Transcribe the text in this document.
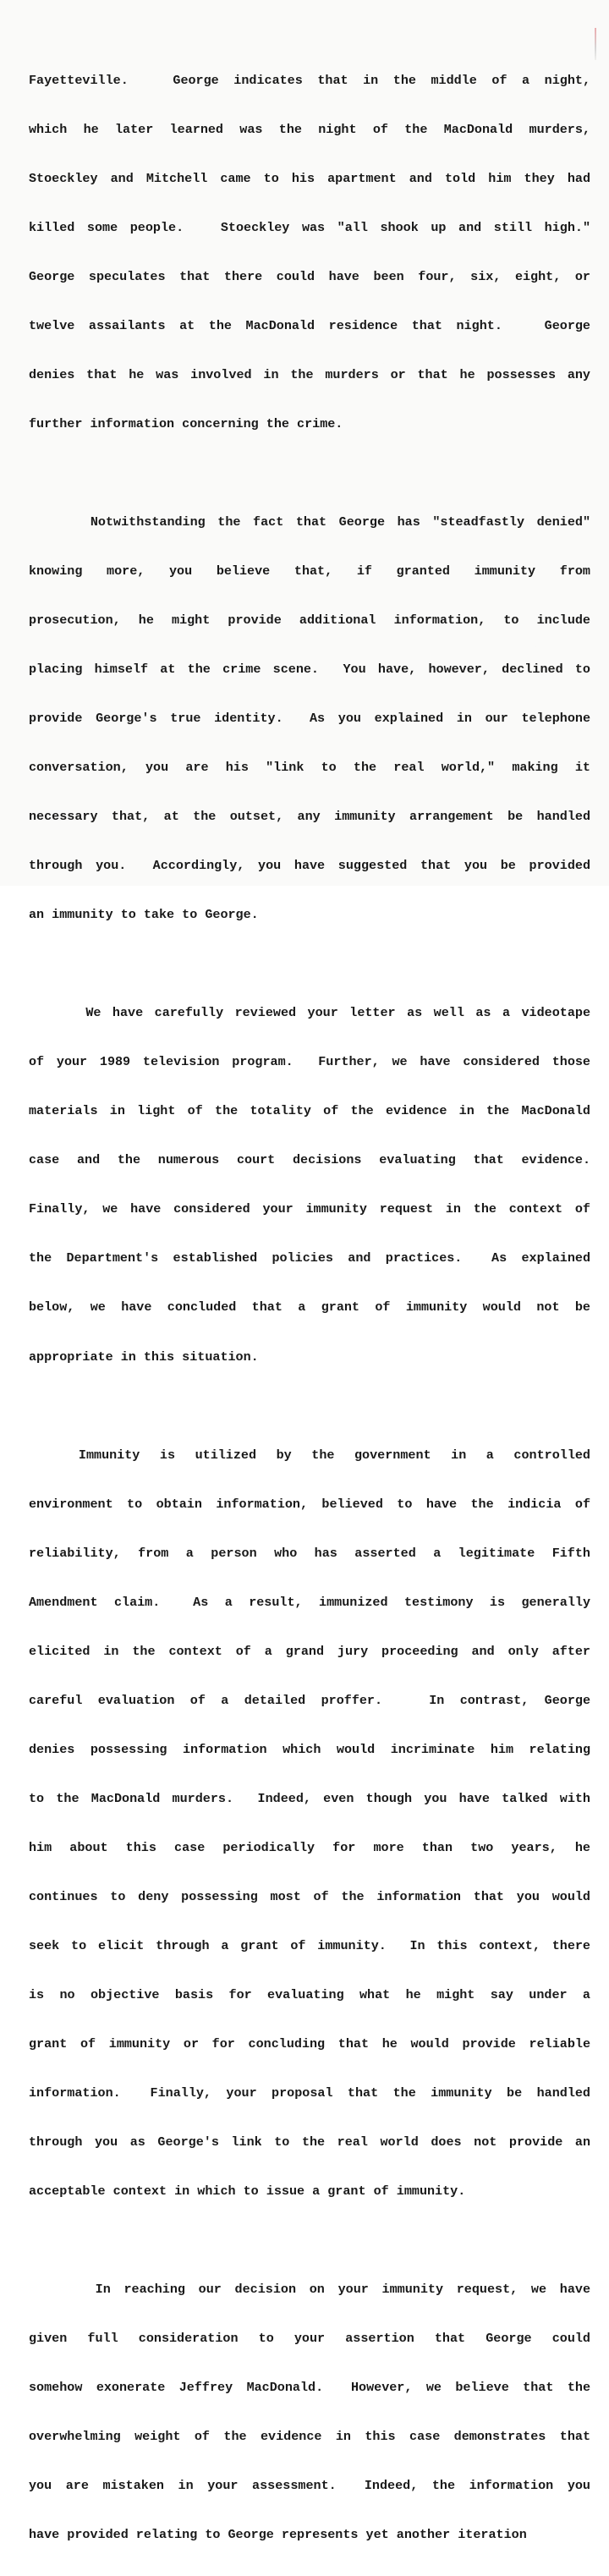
Fayetteville.   George indicates that in the middle of a night,

which he later learned was the night of the MacDonald murders,

Stoeckley and Mitchell came to his apartment and told him they had

killed some people.   Stoeckley was "all shook up and still high."

George speculates that there could have been four, six, eight, or

twelve assailants at the MacDonald residence that night.   George

denies that he was involved in the murders or that he possesses any

further information concerning the crime.

Notwithstanding the fact that George has "steadfastly denied"

knowing  more,  you  believe  that,  if  granted  immunity  from

prosecution, he might provide additional information, to include

placing himself at the crime scene.  You have, however, declined to

provide George's true identity.  As you explained in our telephone

conversation, you are his "link to the real world," making it

necessary that, at the outset, any immunity arrangement be handled

through you.  Accordingly, you have suggested that you be provided

an immunity to take to George.

We have carefully reviewed your letter as well as a videotape

of your 1989 television program.  Further, we have considered those

materials in light of the totality of the evidence in the MacDonald

case and the numerous court decisions evaluating that evidence.

Finally, we have considered your immunity request in the context of

the Department's established policies and practices.  As explained

below, we have concluded that a grant of immunity would not be

appropriate in this situation.

Immunity  is  utilized  by  the  government  in  a  controlled

environment to obtain information, believed to have the indicia of

reliability, from a person who has asserted a legitimate Fifth

Amendment claim.  As a result, immunized testimony is generally

elicited in the context of a grand jury proceeding and only after

careful evaluation of a detailed proffer.   In contrast, George

denies possessing information which would incriminate him relating

to the MacDonald murders.  Indeed, even though you have talked with

him about this case periodically for more than two years, he

continues to deny possessing most of the information that you would

seek to elicit through a grant of immunity.  In this context, there

is no objective basis for evaluating what he might say under a

grant of immunity or for concluding that he would provide reliable

information.  Finally, your proposal that the immunity be handled

through you as George's link to the real world does not provide an

acceptable context in which to issue a grant of immunity.

In reaching our decision on your immunity request, we have

given  full  consideration  to  your  assertion  that  George  could

somehow exonerate Jeffrey MacDonald.  However, we believe that the

overwhelming weight of the evidence in this case demonstrates that

you are mistaken in your assessment.  Indeed, the information you

have provided relating to George represents yet another iteration
